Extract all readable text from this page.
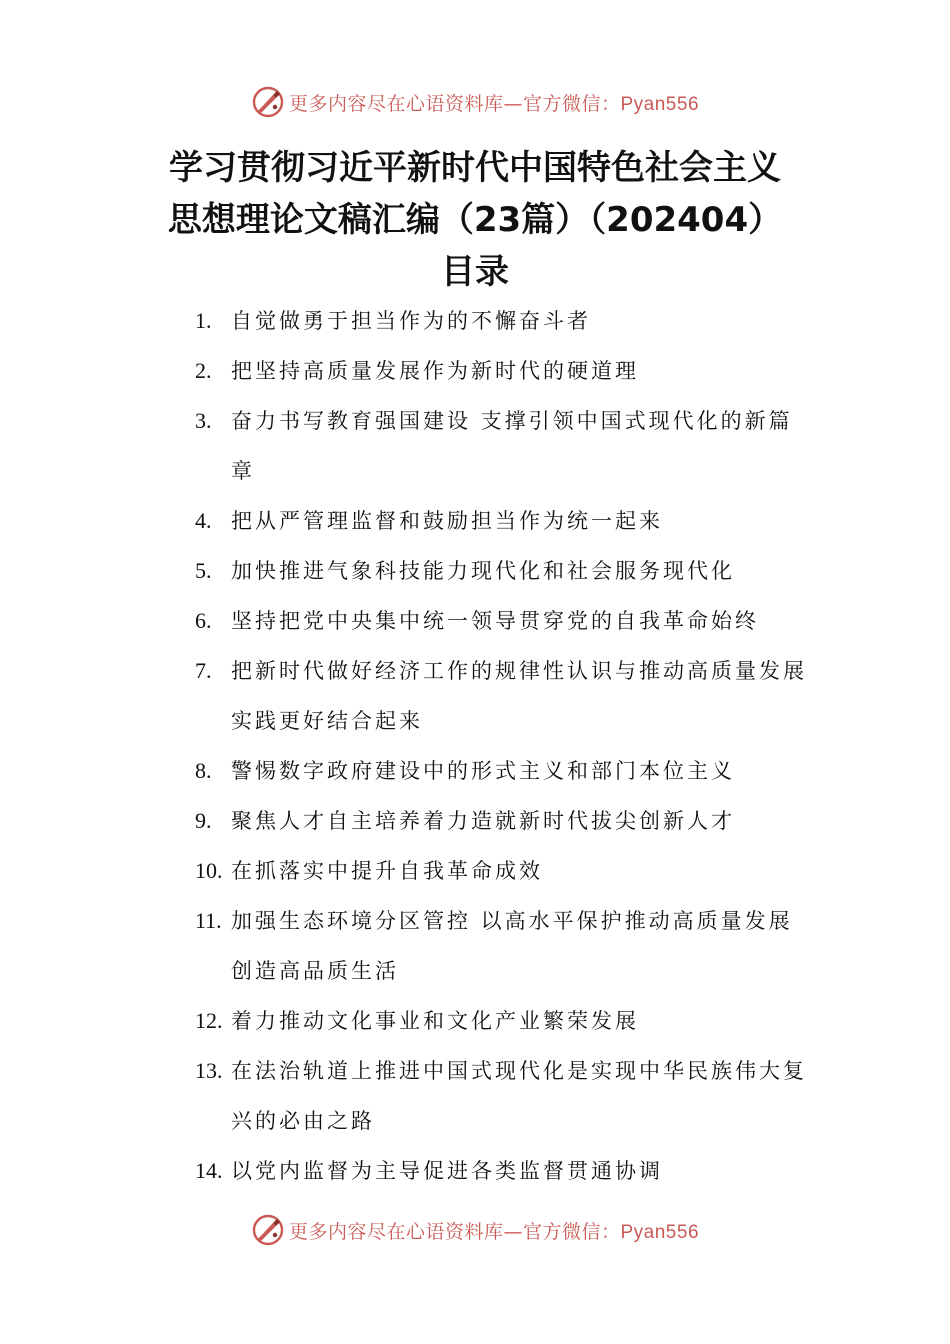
更多内容尽在心语资料库—官方微信：Pyan556
学习贯彻习近平新时代中国特色社会主义
思想理论文稿汇编（23篇）（202404）
目录
1. 自觉做勇于担当作为的不懈奋斗者
2. 把坚持高质量发展作为新时代的硬道理
3. 奋力书写教育强国建设 支撑引领中国式现代化的新篇章
4. 把从严管理监督和鼓励担当作为统一起来
5. 加快推进气象科技能力现代化和社会服务现代化
6. 坚持把党中央集中统一领导贯穿党的自我革命始终
7. 把新时代做好经济工作的规律性认识与推动高质量发展实践更好结合起来
8. 警惕数字政府建设中的形式主义和部门本位主义
9. 聚焦人才自主培养着力造就新时代拔尖创新人才
10. 在抓落实中提升自我革命成效
11. 加强生态环境分区管控 以高水平保护推动高质量发展创造高品质生活
12. 着力推动文化事业和文化产业繁荣发展
13. 在法治轨道上推进中国式现代化是实现中华民族伟大复兴的必由之路
14. 以党内监督为主导促进各类监督贯通协调
更多内容尽在心语资料库—官方微信：Pyan556
